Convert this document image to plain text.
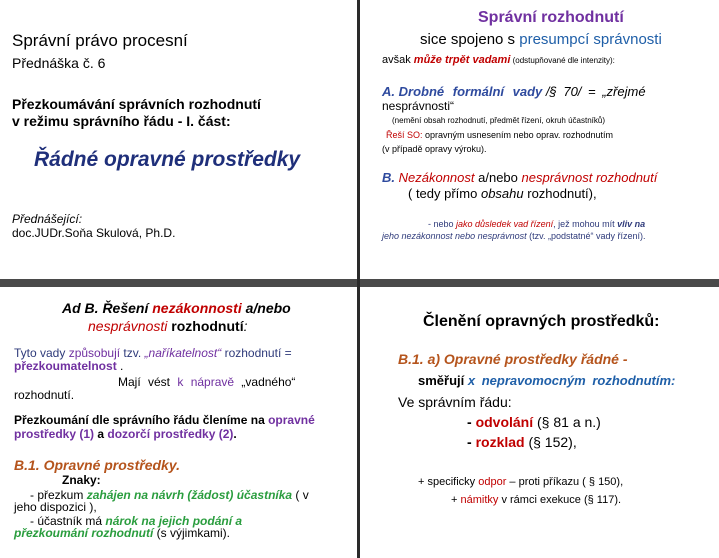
Správní právo procesní
Přednáška č. 6
Přezkoumávání správních rozhodnutí
v režimu správního řádu - I. část:
Řádné opravné prostředky
Přednášející:
doc.JUDr.Soňa Skulová, Ph.D.
Správní rozhodnutí
sice spojeno s presumpcí správnosti
avšak může trpět vadami (odstupňované dle intenzity):
A. Drobné formální vady /§ 70/ = „zřejmé
nesprávnosti“
(nemění obsah rozhodnutí, předmět řízení, okruh účastníků)
Řeší SO: opravným usnesením nebo oprav. rozhodnutím
(v případě opravy výroku).
B. Nezákonnost a/nebo nesprávnost rozhodnutí
( tedy přímo obsahu rozhodnutí),
- nebo jako důsledek vad řízení, jež mohou mít vliv na
jeho nezákonnost nebo nesprávnost (tzv. „podstatné“ vady řízení).
Ad B. Řešení nezákonnosti a/nebo
nesprávnosti rozhodnutí:
Tyto vady způsobují tzv. „naříkatelnost“ rozhodnutí =
přezkoumatelnost .
Mají vést k nápravě „vadného“
rozhodnutí.
Přezkoumání dle správního řádu členíme na opravné
prostředky (1) a dozorčí prostředky (2).
B.1. Opravné prostředky.
Znaky:
- přezkum zahájen na návrh (žádost) účastníka ( v
jeho dispozici ),
- účastník má nárok na jejich podání a
přezkoumání rozhodnutí (s výjimkami).
Členění opravných prostředků:
B.1. a) Opravné prostředky řádné -
směřují x nepravomocným rozhodnutím:
Ve správním řádu:
- odvolání (§ 81 a n.)
- rozklad (§ 152),
+ specificky odpor – proti příkazu ( § 150),
+ námitky v rámci exekuce (§ 117).
